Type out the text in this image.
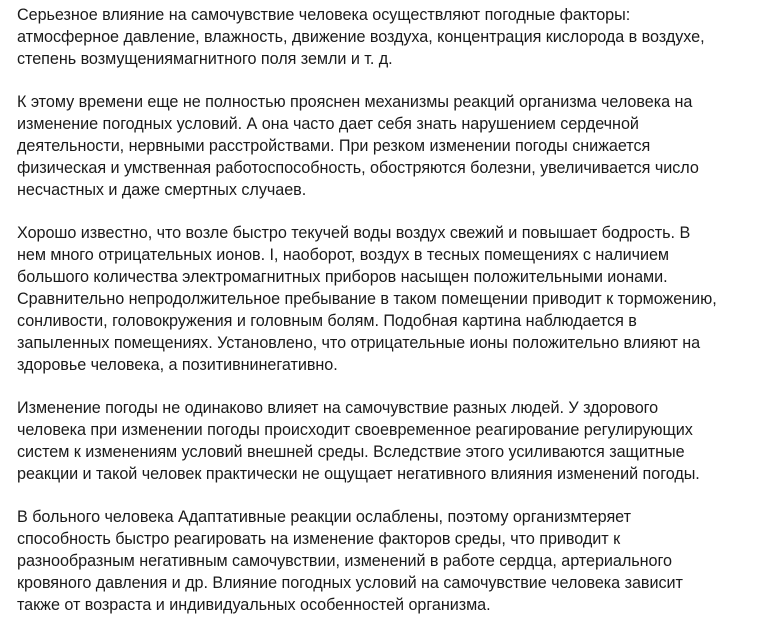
Серьезное влияние на самочувствие человека осуществляют погодные факторы:
атмосферное давление, влажность, движение воздуха, концентрация кислорода в воздухе,
степень возмущениямагнитного поля земли и т. д.

К этому времени еще не полностью прояснен механизмы реакций организма человека на
изменение погодных условий. А она часто дает себя знать нарушением сердечной
деятельности, нервными расстройствами. При резком изменении погоды снижается
физическая и умственная работоспособность, обостряются болезни, увеличивается число
несчастных и даже смертных случаев.

Хорошо известно, что возле быстро текучей воды воздух свежий и повышает бодрость. В
нем много отрицательных ионов. І, наоборот, воздух в тесных помещениях с наличием
большого количества электромагнитных приборов насыщен положительными ионами.
Сравнительно непродолжительное пребывание в таком помещении приводит к торможению,
сонливости, головокружения и головным болям. Подобная картина наблюдается в
запыленных помещениях. Установлено, что отрицательные ионы положительно влияют на
здоровье человека, а позитивнинегативно.

Изменение погоды не одинаково влияет на самочувствие разных людей. У здорового
человека при изменении погоды происходит своевременное реагирование регулирующих
систем к изменениям условий внешней среды. Вследствие этого усиливаются защитные
реакции и такой человек практически не ощущает негативного влияния изменений погоды.

В больного человека Адаптативные реакции ослаблены, поэтому организмтеряет
способность быстро реагировать на изменение факторов среды, что приводит к
разнообразным негативным самочувствии, изменений в работе сердца, артериального
кровяного давления и др. Влияние погодных условий на самочувствие человека зависит
также от возраста и индивидуальных особенностей организма.
